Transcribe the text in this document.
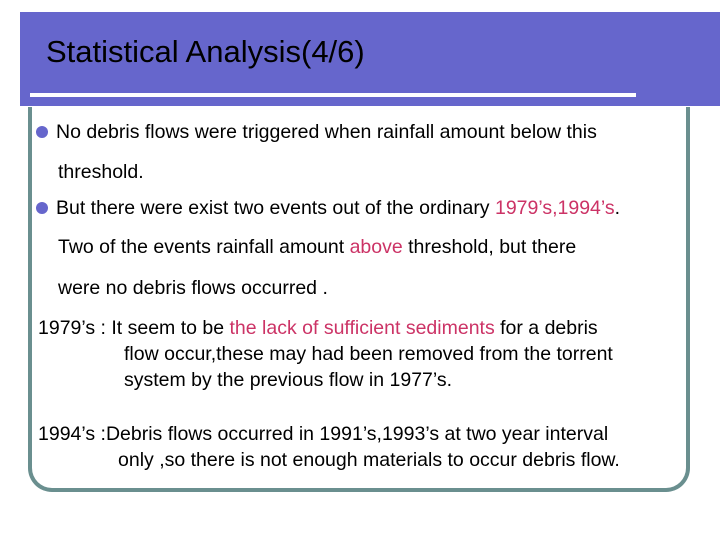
Statistical Analysis(4/6)
No debris flows were triggered when rainfall amount below this
threshold.
But there were exist two events out of the ordinary 1979’s,1994’s.
Two of the events rainfall amount above threshold, but there
were no debris flows occurred .
1979’s : It seem to be the lack of sufficient sediments for a debris
flow occur,these may had been removed from the torrent
system by the previous flow in 1977’s.
1994’s :Debris flows occurred in 1991’s,1993’s at two year interval
only ,so there is not enough materials to occur debris flow.
